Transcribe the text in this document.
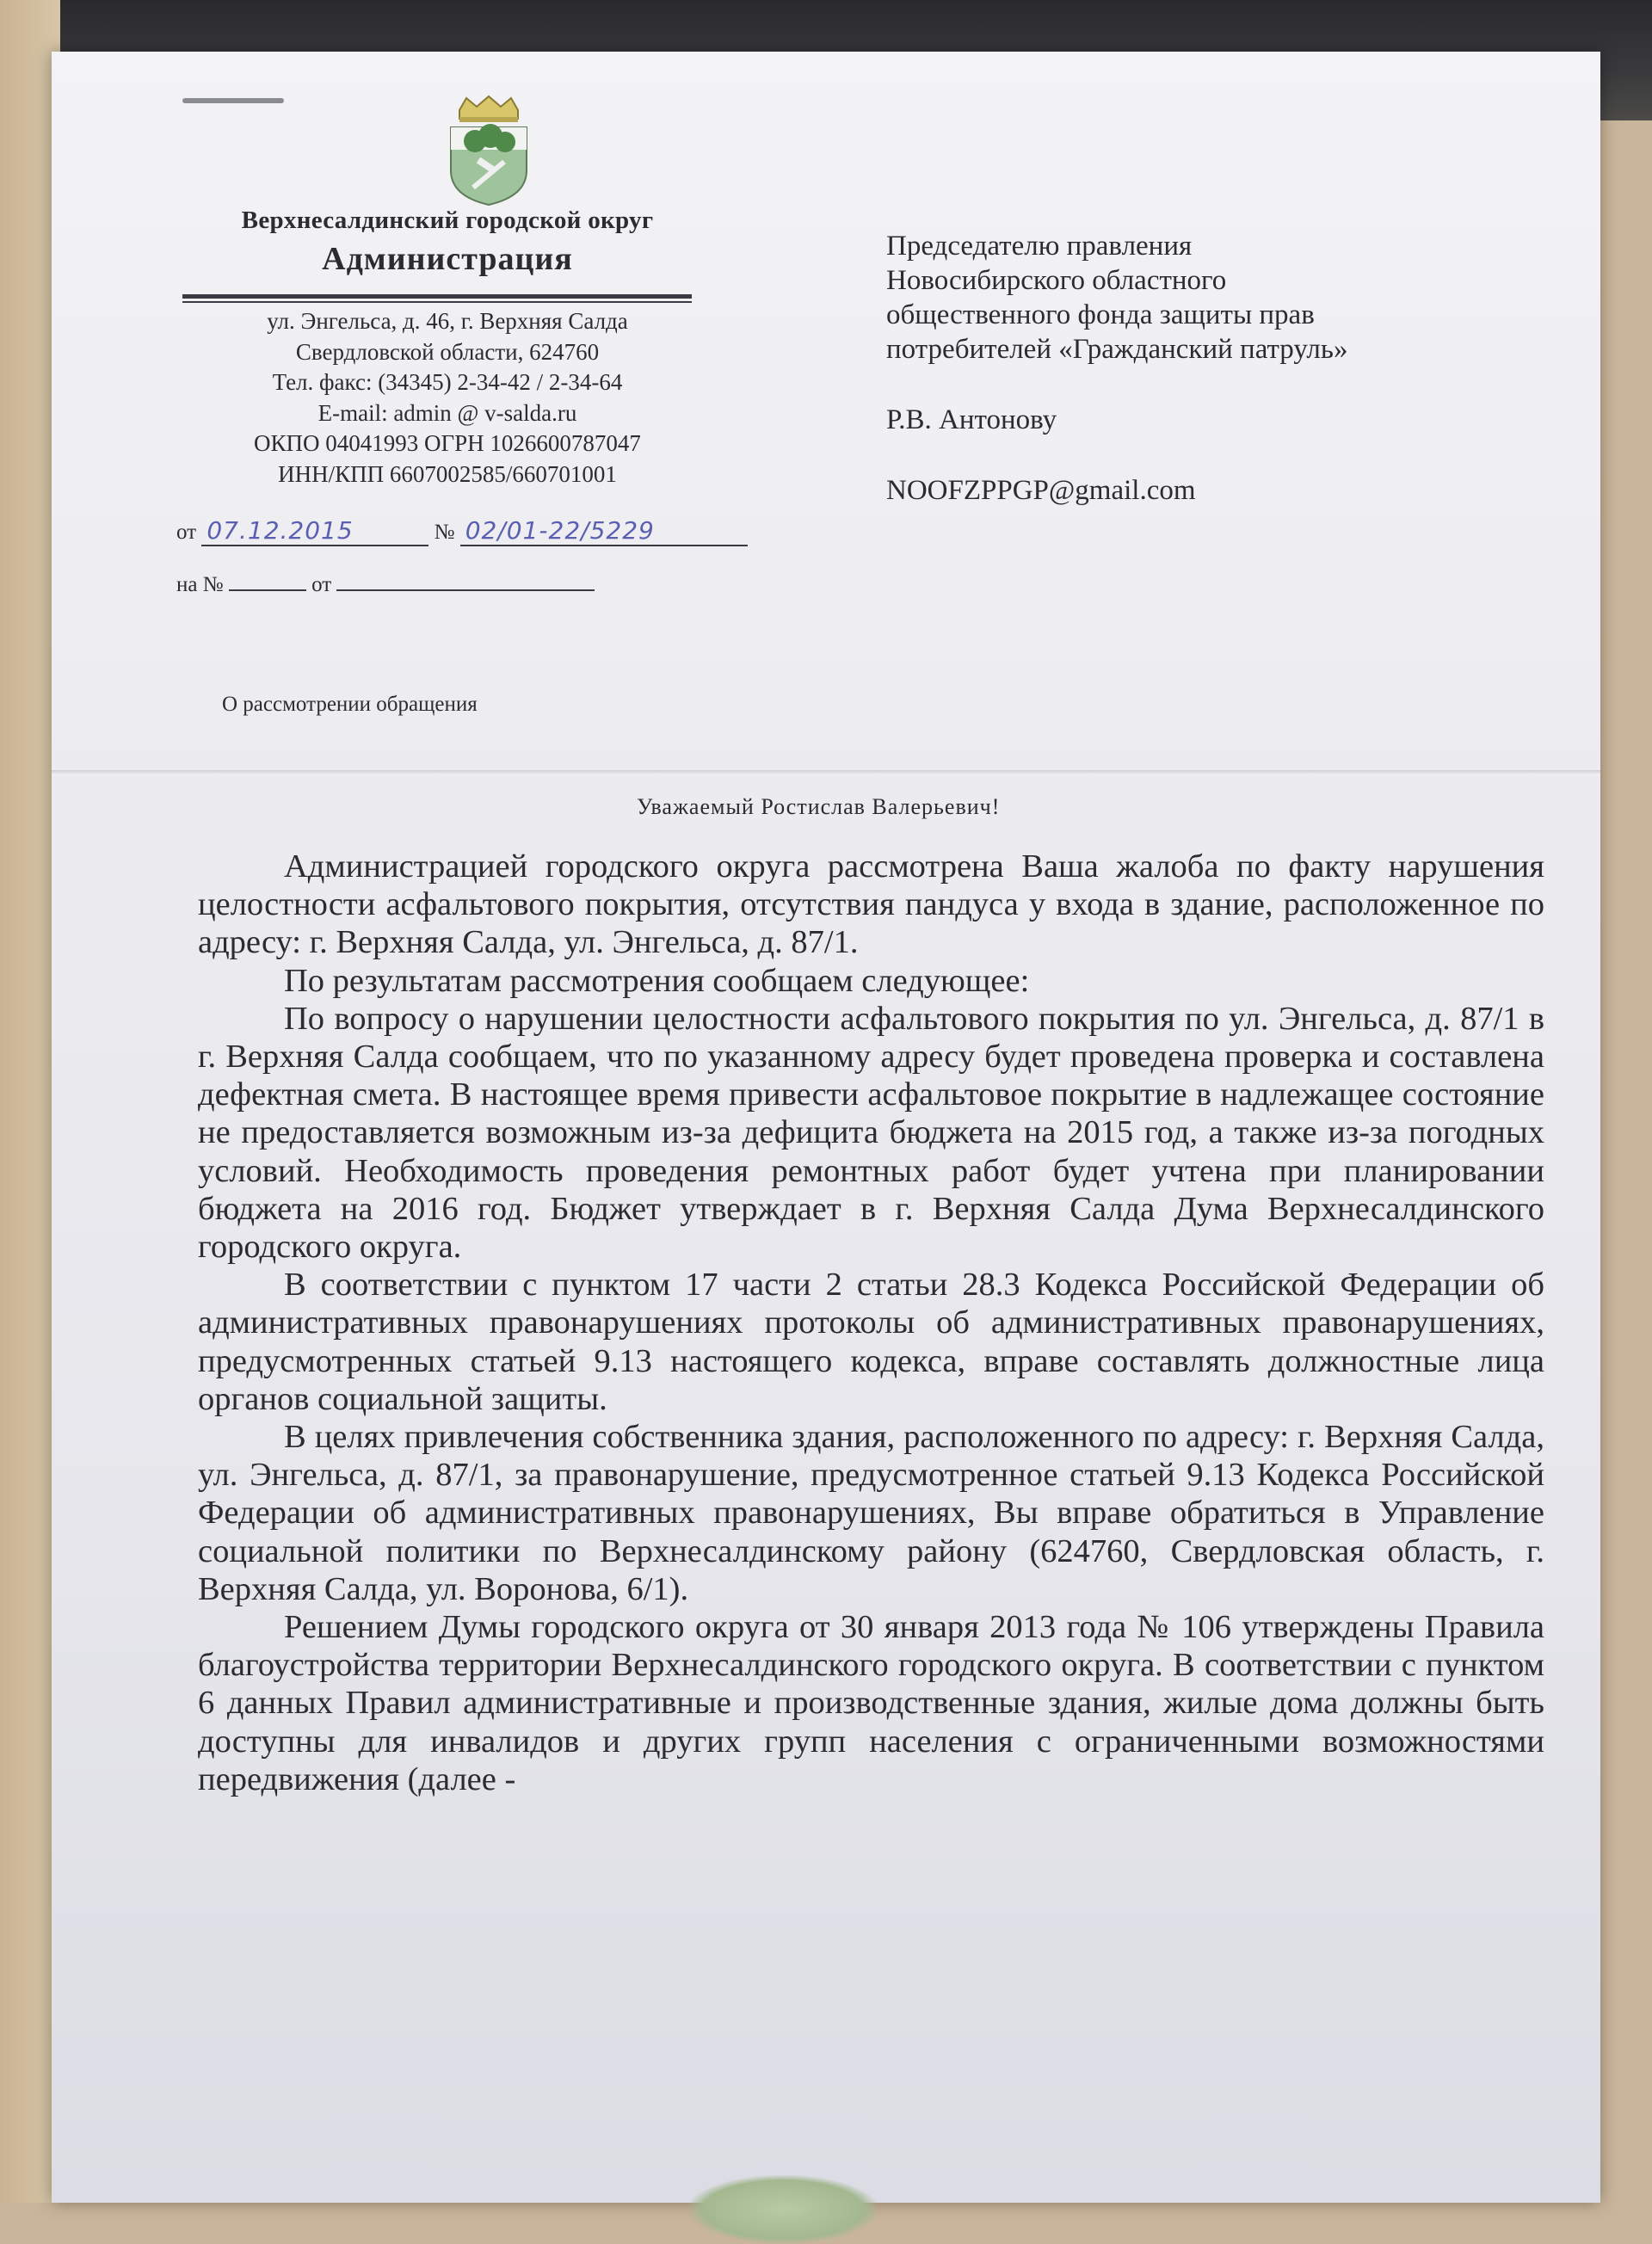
Верхнесалдинский городской округ
Администрация
ул. Энгельса, д. 46, г. Верхняя Салда
Свердловской области, 624760
Тел. факс: (34345) 2-34-42 / 2-34-64
E-mail: admin @ v-salda.ru
ОКПО 04041993 ОГРН 1026600787047
ИНН/КПП 6607002585/660701001
от 07.12.2015	№ 02/01-22/5229
на №	от
О рассмотрении обращения
Председателю правления
Новосибирского областного
общественного фонда защиты прав
потребителей «Гражданский патруль»
Р.В. Антонову
NOOFZPPGP@gmail.com
Уважаемый Ростислав Валерьевич!

Администрацией городского округа рассмотрена Ваша жалоба по факту нарушения целостности асфальтового покрытия, отсутствия пандуса у входа в здание, расположенное по адресу: г. Верхняя Салда, ул. Энгельса, д. 87/1.

По результатам рассмотрения сообщаем следующее:

По вопросу о нарушении целостности асфальтового покрытия по ул. Энгельса, д. 87/1 в г. Верхняя Салда сообщаем, что по указанному адресу будет проведена проверка и составлена дефектная смета. В настоящее время привести асфальтовое покрытие в надлежащее состояние не предоставляется возможным из-за дефицита бюджета на 2015 год, а также из-за погодных условий. Необходимость проведения ремонтных работ будет учтена при планировании бюджета на 2016 год. Бюджет утверждает в г. Верхняя Салда Дума Верхнесалдинского городского округа.

В соответствии с пунктом 17 части 2 статьи 28.3 Кодекса Российской Федерации об административных правонарушениях протоколы об административных правонарушениях, предусмотренных статьей 9.13 настоящего кодекса, вправе составлять должностные лица органов социальной защиты.

В целях привлечения собственника здания, расположенного по адресу: г. Верхняя Салда, ул. Энгельса, д. 87/1, за правонарушение, предусмотренное статьей 9.13 Кодекса Российской Федерации об административных правонарушениях, Вы вправе обратиться в Управление социальной политики по Верхнесалдинскому району (624760, Свердловская область, г. Верхняя Салда, ул. Воронова, 6/1).

Решением Думы городского округа от 30 января 2013 года № 106 утверждены Правила благоустройства территории Верхнесалдинского городского округа. В соответствии с пунктом 6 данных Правил административные и производственные здания, жилые дома должны быть доступны для инвалидов и других групп населения с ограниченными возможностями передвижения (далее -
